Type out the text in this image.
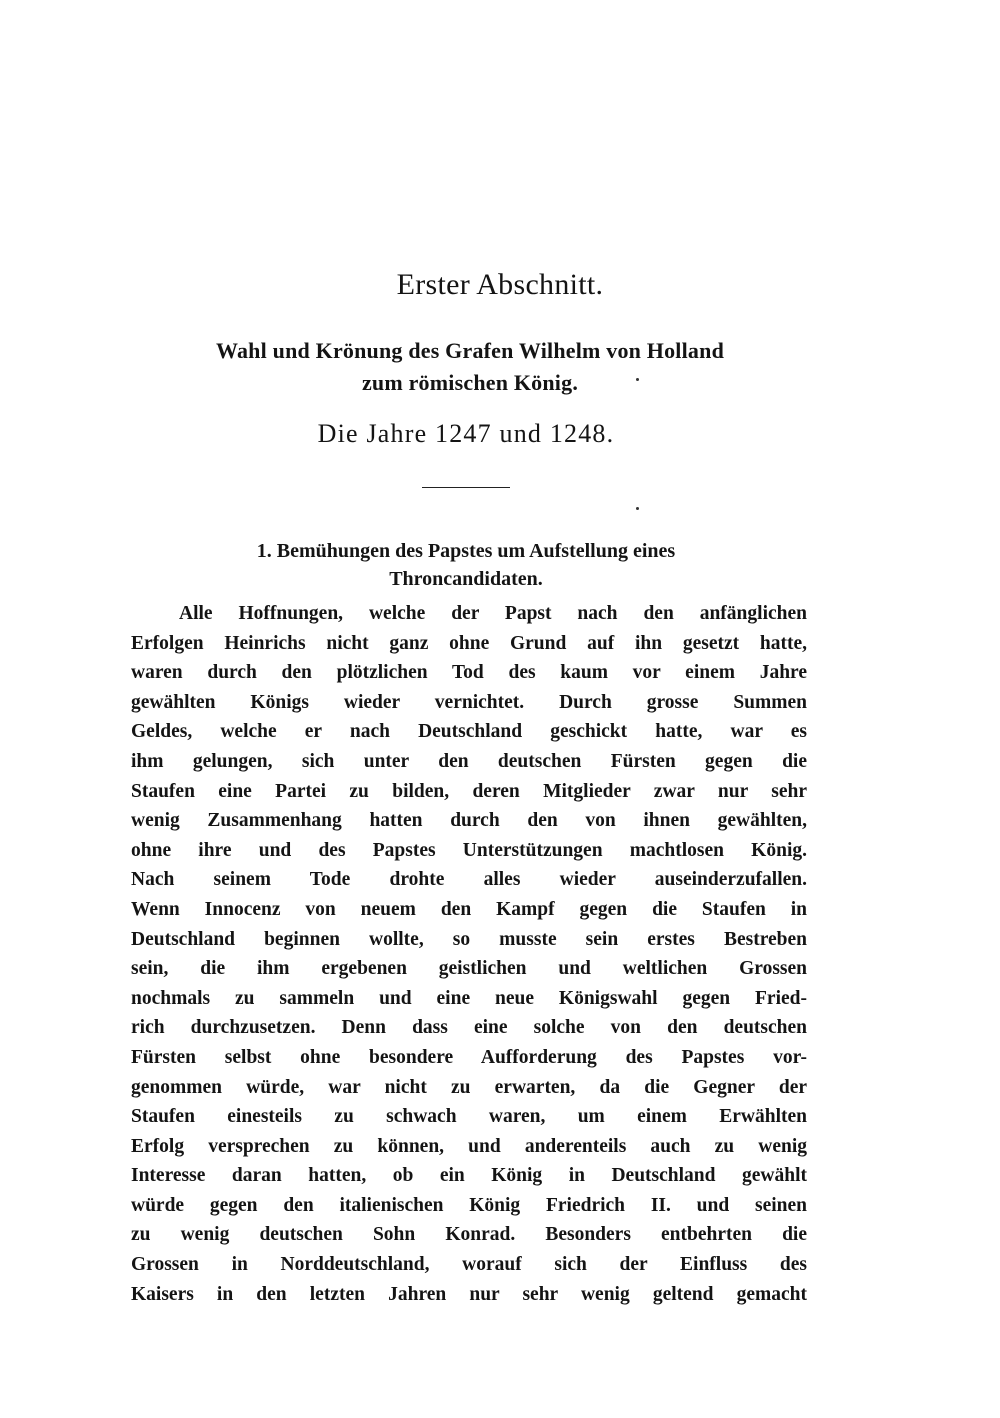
Erster Abschnitt.
Wahl und Krönung des Grafen Wilhelm von Holland
zum römischen König.
Die Jahre 1247 und 1248.
1. Bemühungen des Papstes um Aufstellung eines
Throncandidaten.
Alle Hoffnungen, welche der Papst nach den anfänglichen
Erfolgen Heinrichs nicht ganz ohne Grund auf ihn gesetzt hatte,
waren durch den plötzlichen Tod des kaum vor einem Jahre
gewählten Königs wieder vernichtet. Durch grosse Summen
Geldes, welche er nach Deutschland geschickt hatte, war es
ihm gelungen, sich unter den deutschen Fürsten gegen die
Staufen eine Partei zu bilden, deren Mitglieder zwar nur sehr
wenig Zusammenhang hatten durch den von ihnen gewählten,
ohne ihre und des Papstes Unterstützungen machtlosen König.
Nach seinem Tode drohte alles wieder auseinderzufallen.
Wenn Innocenz von neuem den Kampf gegen die Staufen in
Deutschland beginnen wollte, so musste sein erstes Bestreben
sein, die ihm ergebenen geistlichen und weltlichen Grossen
nochmals zu sammeln und eine neue Königswahl gegen Fried-
rich durchzusetzen. Denn dass eine solche von den deutschen
Fürsten selbst ohne besondere Aufforderung des Papstes vor-
genommen würde, war nicht zu erwarten, da die Gegner der
Staufen einesteils zu schwach waren, um einem Erwählten
Erfolg versprechen zu können, und anderenteils auch zu wenig
Interesse daran hatten, ob ein König in Deutschland gewählt
würde gegen den italienischen König Friedrich II. und seinen
zu wenig deutschen Sohn Konrad. Besonders entbehrten die
Grossen in Norddeutschland, worauf sich der Einfluss des
Kaisers in den letzten Jahren nur sehr wenig geltend gemacht
